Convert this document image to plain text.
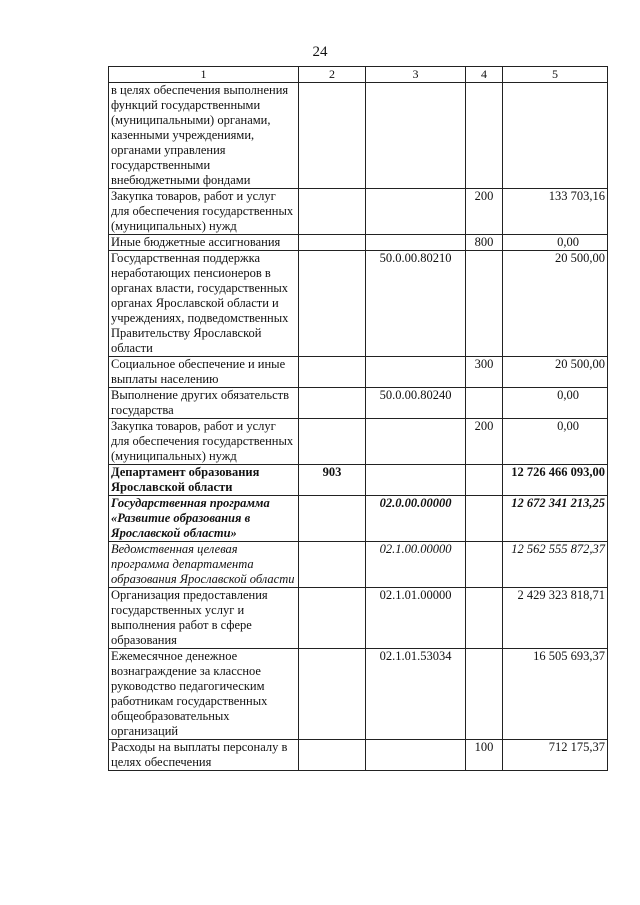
24
1	2	3	4	5
в целях обеспечения выполнения функций государственными (муниципальными) органами, казенными учреждениями, органами управления государственными внебюджетными фондами				
Закупка товаров, работ и услуг для обеспечения государственных (муниципальных) нужд			200	133 703,16
Иные бюджетные ассигнования			800	0,00
Государственная поддержка неработающих пенсионеров в органах власти, государственных органах Ярославской области и учреждениях, подведомственных Правительству Ярославской области		50.0.00.80210		20 500,00
Социальное обеспечение и иные выплаты населению			300	20 500,00
Выполнение других обязательств государства		50.0.00.80240		0,00
Закупка товаров, работ и услуг для обеспечения государственных (муниципальных) нужд			200	0,00
Департамент образования Ярославской области	903			12 726 466 093,00
Государственная программа «Развитие образования в Ярославской области»		02.0.00.00000		12 672 341 213,25
Ведомственная целевая программа департамента образования Ярославской области		02.1.00.00000		12 562 555 872,37
Организация предоставления государственных услуг и выполнения работ в сфере образования		02.1.01.00000		2 429 323 818,71
Ежемесячное денежное вознаграждение за классное руководство педагогическим работникам государственных общеобразовательных организаций		02.1.01.53034		16 505 693,37
Расходы на выплаты персоналу в целях обеспечения			100	712 175,37
